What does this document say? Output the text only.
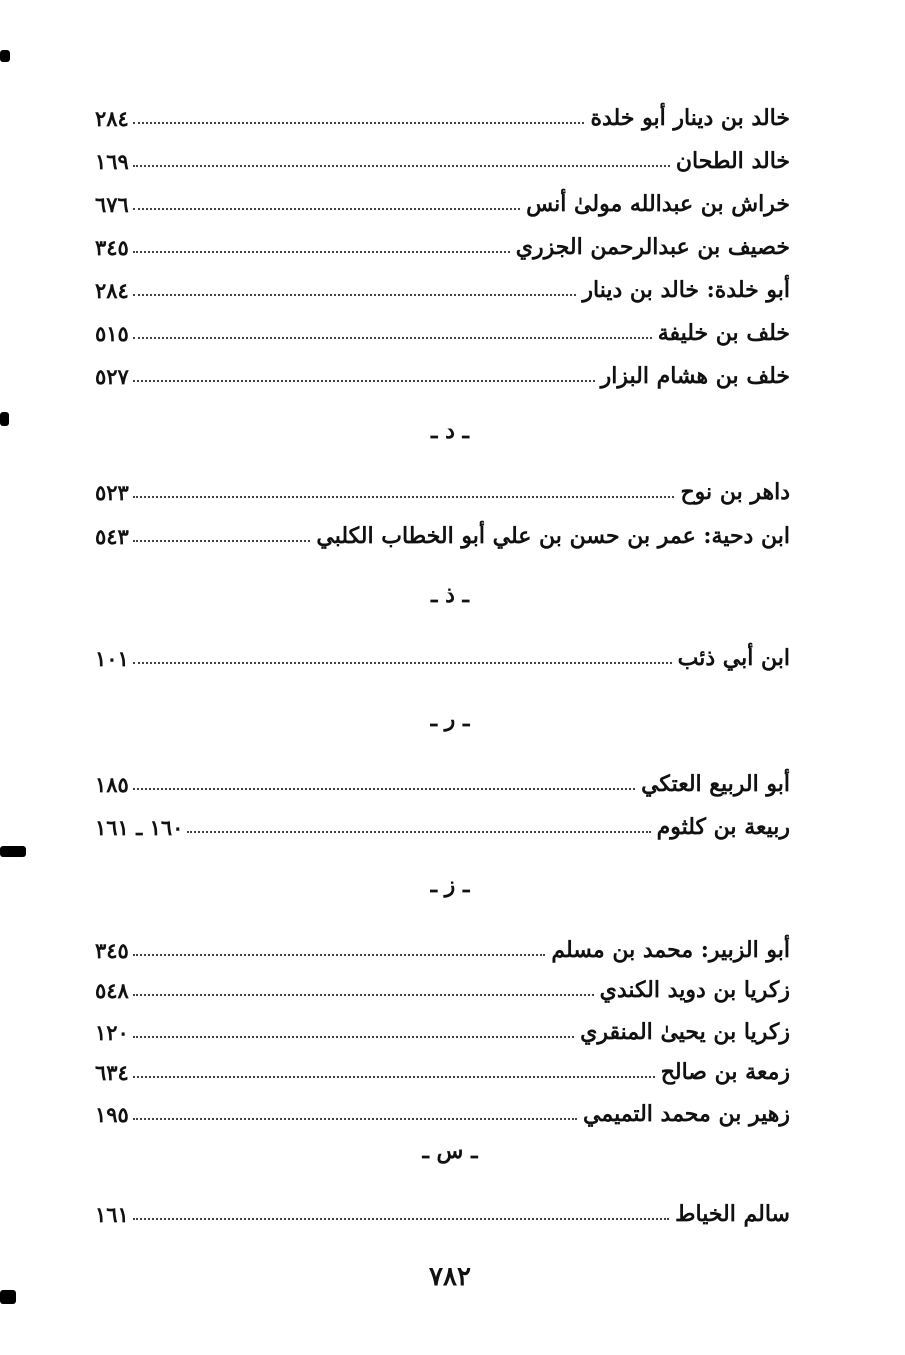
خالد بن دينار أبو خلدة
٢٨٤
خالد الطحان
١٦٩
خراش بن عبدالله مولىٰ أنس
٦٧٦
خصيف بن عبدالرحمن الجزري
٣٤٥
أبو خلدة: خالد بن دينار
٢٨٤
خلف بن خليفة
٥١٥
خلف بن هشام البزار
٥٢٧
ـ د ـ
داهر بن نوح
٥٢٣
ابن دحية: عمر بن حسن بن علي أبو الخطاب الكلبي
٥٤٣
ـ ذ ـ
ابن أبي ذئب
١٠١
ـ ر ـ
أبو الربيع العتكي
١٨٥
ربيعة بن كلثوم
١٦٠ ـ ١٦١
ـ ز ـ
أبو الزبير: محمد بن مسلم
٣٤٥
زكريا بن دويد الكندي
٥٤٨
زكريا بن يحيىٰ المنقري
١٢٠
زمعة بن صالح
٦٣٤
زهير بن محمد التميمي
١٩٥
ـ س ـ
سالم الخياط
١٦١
٧٨٢
